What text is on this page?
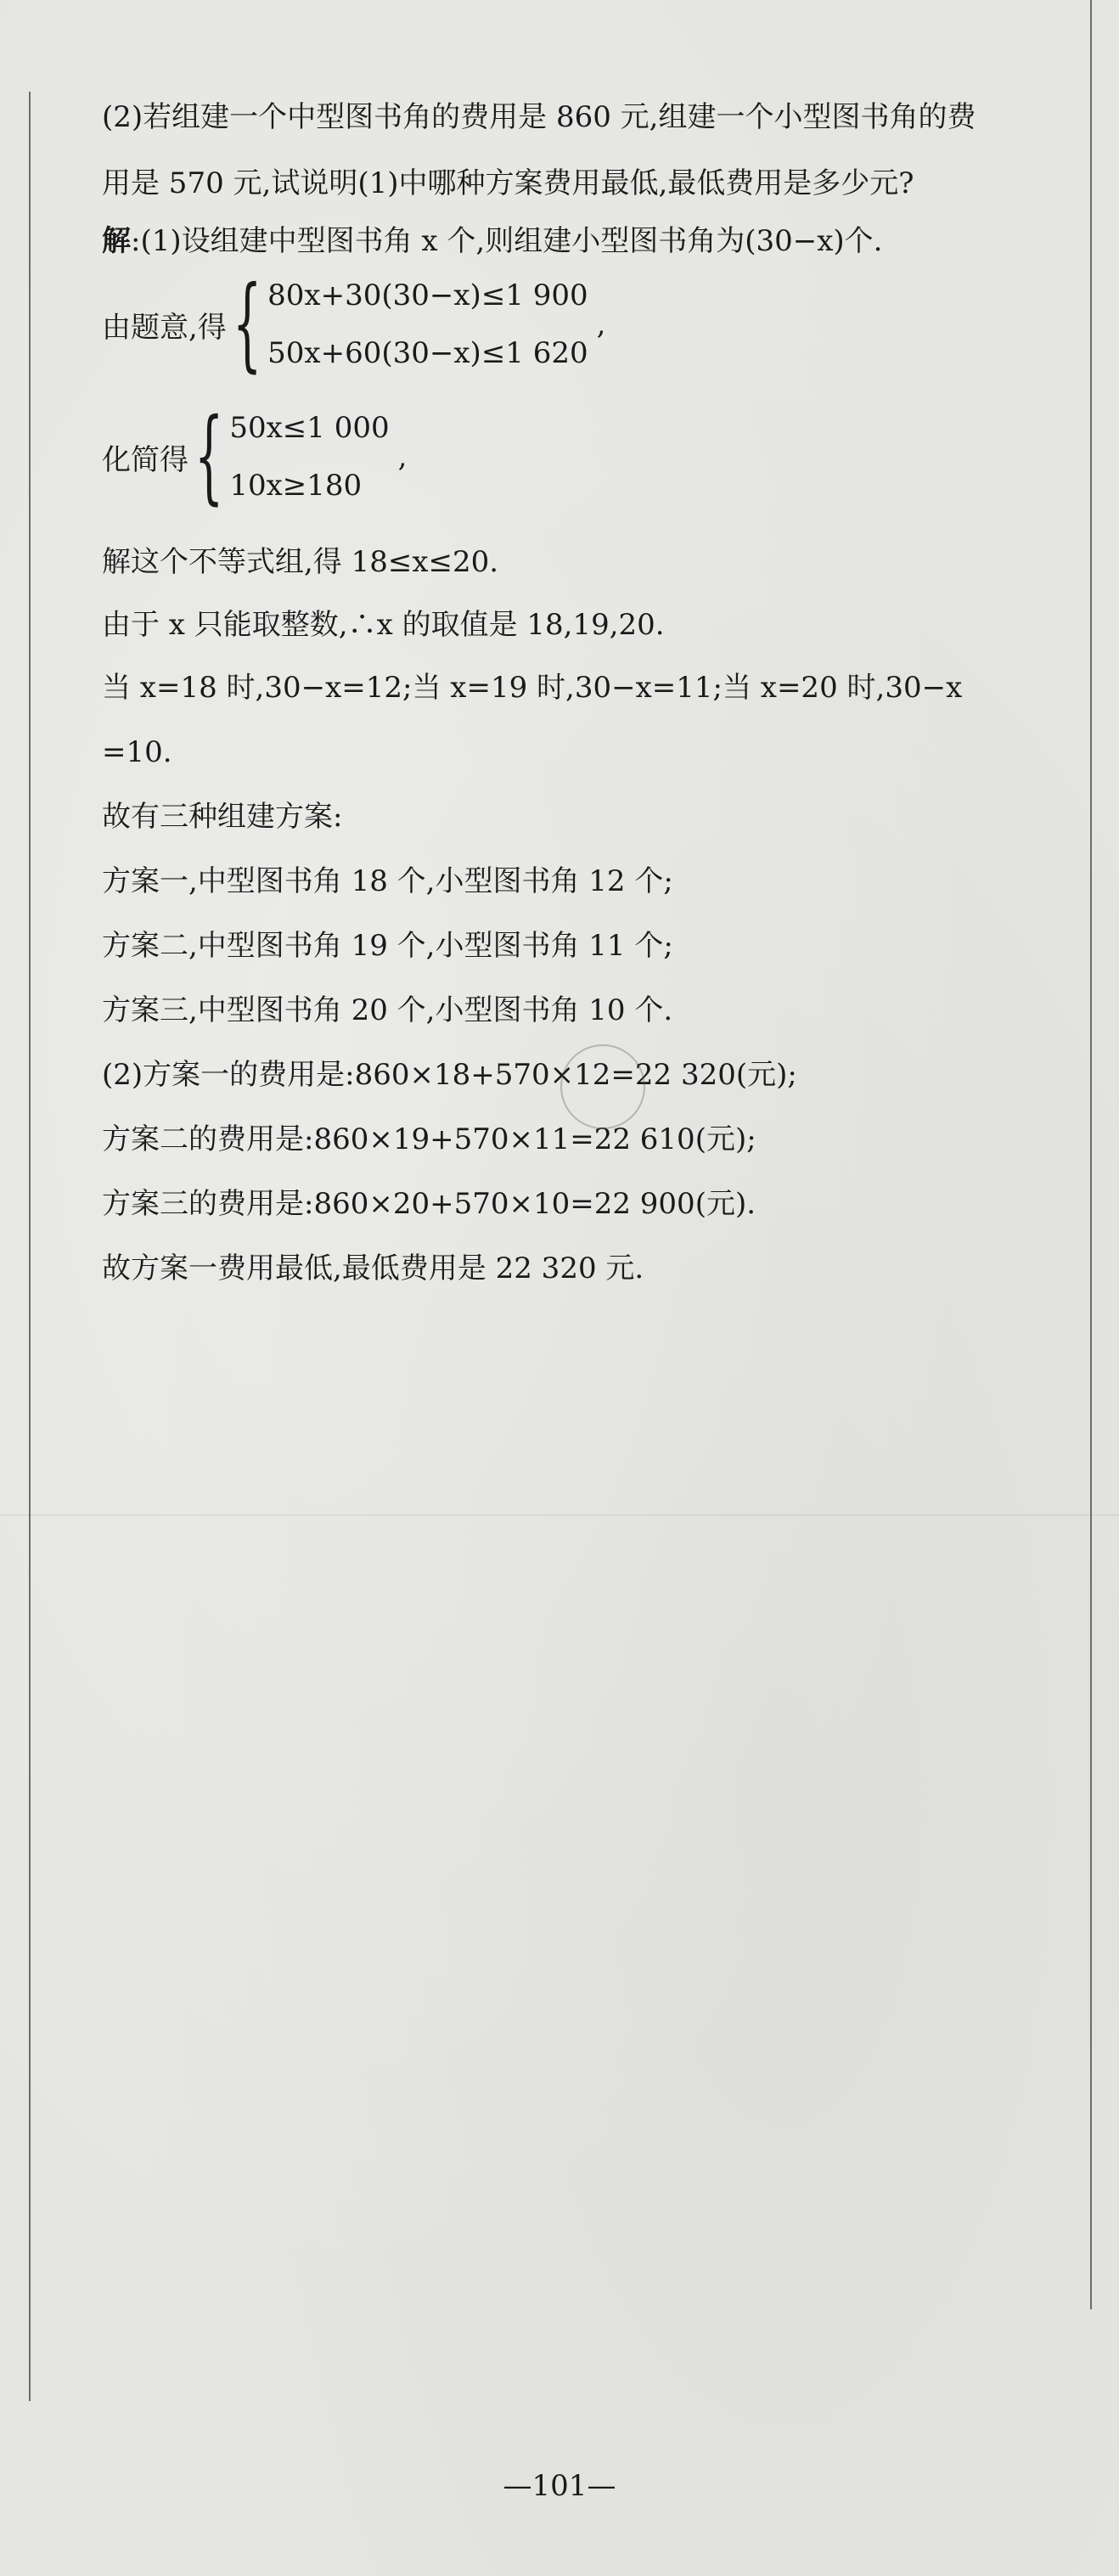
(2)若组建一个中型图书角的费用是 860 元,组建一个小型图书角的费
用是 570 元,试说明(1)中哪种方案费用最低,最低费用是多少元?
解:(1)设组建中型图书角 x 个,则组建小型图书角为(30−x)个.
由题意,得 { 80x+30(30−x)≤1 900
50x+60(30−x)≤1 620
,
化简得 { 50x≤1 000
10x≥180
,
解这个不等式组,得 18≤x≤20.
由于 x 只能取整数,∴x 的取值是 18,19,20.
当 x=18 时,30−x=12;当 x=19 时,30−x=11;当 x=20 时,30−x
=10.
故有三种组建方案:
方案一,中型图书角 18 个,小型图书角 12 个;
方案二,中型图书角 19 个,小型图书角 11 个;
方案三,中型图书角 20 个,小型图书角 10 个.
(2)方案一的费用是:860×18+570×12=22 320(元);
方案二的费用是:860×19+570×11=22 610(元);
方案三的费用是:860×20+570×10=22 900(元).
故方案一费用最低,最低费用是 22 320 元.
—101—
